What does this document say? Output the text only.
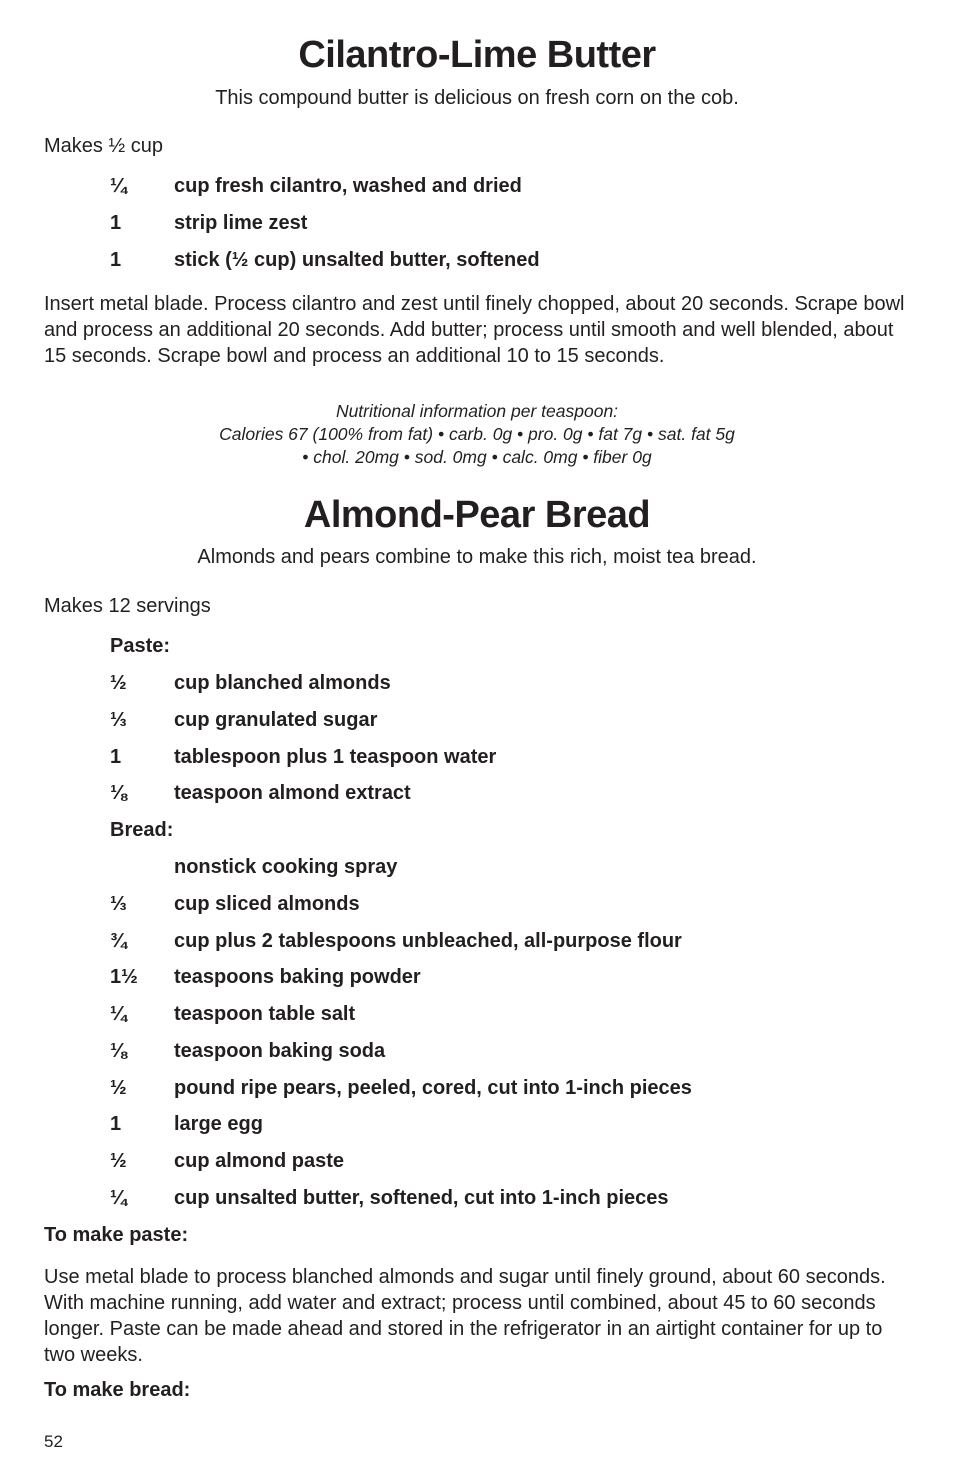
Cilantro-Lime Butter
This compound butter is delicious on fresh corn on the cob.
Makes ½ cup
¼ cup fresh cilantro, washed and dried
1	strip lime zest
1	stick (½ cup) unsalted butter, softened
Insert metal blade. Process cilantro and zest until finely chopped, about 20 seconds. Scrape bowl and process an additional 20 seconds. Add butter; process until smooth and well blended, about 15 seconds. Scrape bowl and process an additional 10 to 15 seconds.
Nutritional information per teaspoon:
Calories 67 (100% from fat) • carb. 0g • pro. 0g • fat 7g • sat. fat 5g
• chol. 20mg • sod. 0mg • calc. 0mg • fiber 0g
Almond-Pear Bread
Almonds and pears combine to make this rich, moist tea bread.
Makes 12 servings
Paste:
½ cup blanched almonds
⅓ cup granulated sugar
1	tablespoon plus 1 teaspoon water
⅛ teaspoon almond extract
Bread:
nonstick cooking spray
⅓ cup sliced almonds
¾ cup plus 2 tablespoons unbleached, all-purpose flour
1½ teaspoons baking powder
¼ teaspoon table salt
⅛ teaspoon baking soda
½ pound ripe pears, peeled, cored, cut into 1-inch pieces
1	large egg
½ cup almond paste
¼ cup unsalted butter, softened, cut into 1-inch pieces
To make paste:
Use metal blade to process blanched almonds and sugar until finely ground, about 60 seconds. With machine running, add water and extract; process until combined, about 45 to 60 seconds longer. Paste can be made ahead and stored in the refrigerator in an airtight container for up to two weeks.
To make bread:
52
